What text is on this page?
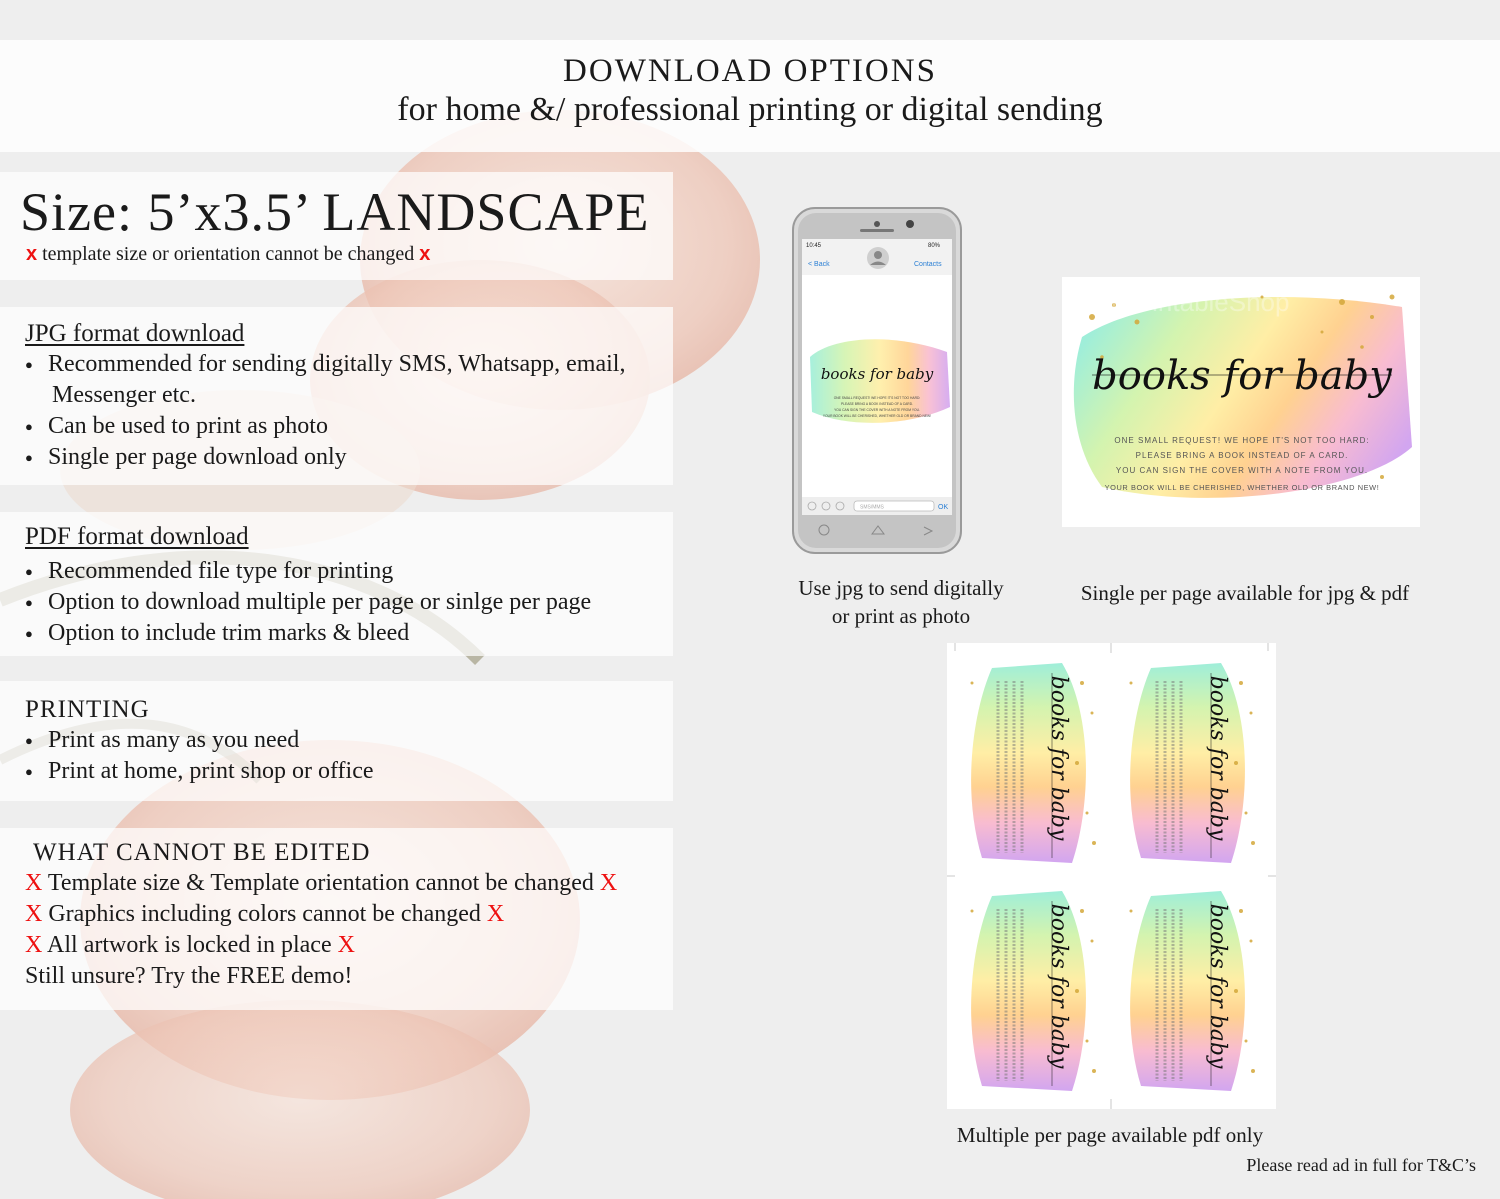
DOWNLOAD OPTIONS
for home &/ professional printing or digital sending
Size: 5’x3.5’ LANDSCAPE
x template size or orientation cannot be changed x
JPG format download
● Recommended for sending digitally SMS, Whatsapp, email,
Messenger etc.
● Can be used to print as photo
● Single per page download only
PDF format download
● Recommended file type for printing
● Option to download multiple per page or sinlge per page
● Option to include trim marks & bleed
PRINTING
● Print as many as you need
● Print at home, print shop or office
WHAT CANNOT BE EDITED
X Template size & Template orientation cannot be changed X
X Graphics including colors cannot be changed X
X All artwork is locked in place X
Still unsure? Try the FREE demo!
10:45	80%
< Back	Contacts
books for baby
ONE SMALL REQUEST! WE HOPE IT'S NOT TOO HARD:
PLEASE BRING A BOOK INSTEAD OF A CARD.
YOU CAN SIGN THE COVER WITH A NOTE FROM YOU.
YOUR BOOK WILL BE CHERISHED, WHETHER OLD OR BRAND NEW!
SMS/MMS	OK
Use jpg to send digitally
or print as photo
InvitePrintableShop
books for baby
ONE SMALL REQUEST! WE HOPE IT'S NOT TOO HARD:
PLEASE BRING A BOOK INSTEAD OF A CARD.
YOU CAN SIGN THE COVER WITH A NOTE FROM YOU.
YOUR BOOK WILL BE CHERISHED, WHETHER OLD OR BRAND NEW!
Single per page available for jpg & pdf
books for baby	books for baby
books for baby	books for baby
Multiple per page available pdf only
Please read ad in full for T&C’s
